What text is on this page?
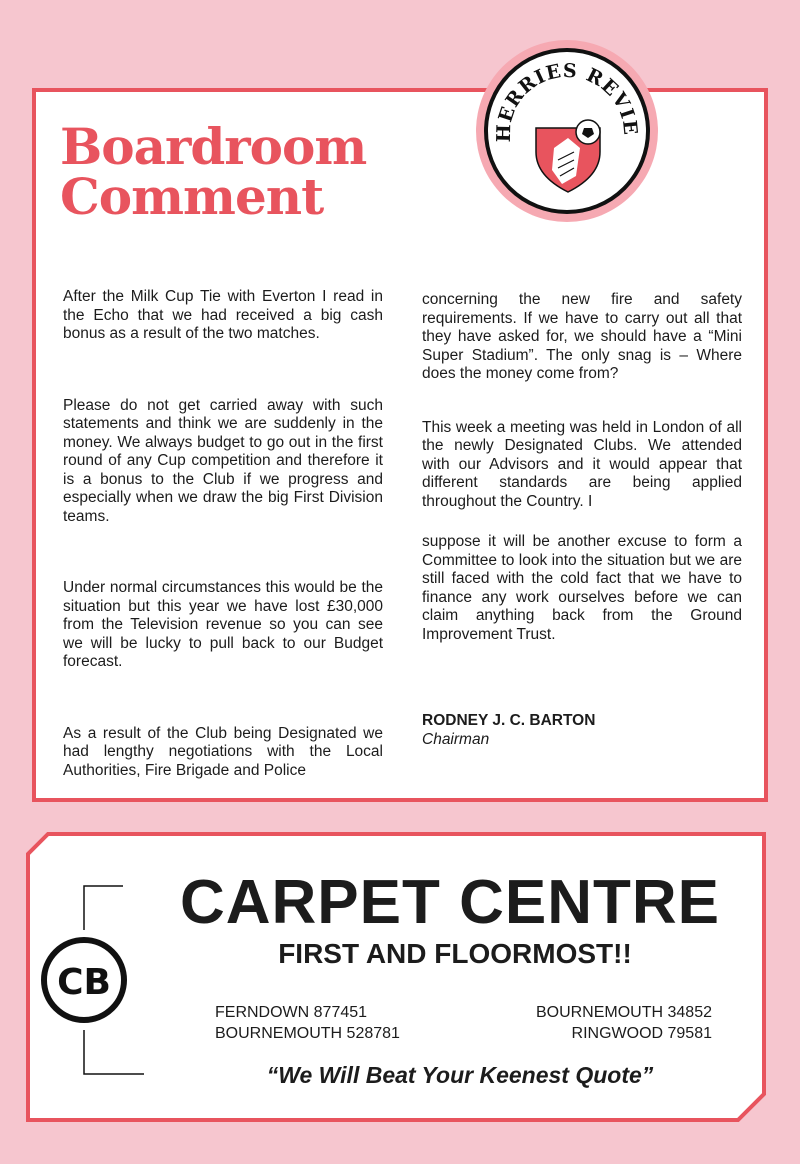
HERRIES REVIE
Boardroom
Comment

After the Milk Cup Tie with Everton I read in the Echo that we had received a big cash bonus as a result of the two matches.

Please do not get carried away with such statements and think we are suddenly in the money. We always budget to go out in the first round of any Cup competition and therefore it is a bonus to the Club if we progress and especially when we draw the big First Division teams.

Under normal circumstances this would be the situation but this year we have lost £30,000 from the Television revenue so you can see we will be lucky to pull back to our Budget forecast.

As a result of the Club being Designated we had lengthy negotiations with the Local Authorities, Fire Brigade and Police

concerning the new fire and safety requirements. If we have to carry out all that they have asked for, we should have a “Mini Super Stadium”. The only snag is – Where does the money come from?

This week a meeting was held in London of all the newly Designated Clubs. We attended with our Advisors and it would appear that different standards are being applied throughout the Country. I

suppose it will be another excuse to form a Committee to look into the situation but we are still faced with the cold fact that we have to finance any work ourselves before we can claim anything back from the Ground Improvement Trust.

RODNEY J. C. BARTON

Chairman

CB
CARPET CENTRE
FIRST AND FLOORMOST!!
FERNDOWN 877451
BOURNEMOUTH 528781
BOURNEMOUTH 34852
RINGWOOD 79581
“We Will Beat Your Keenest Quote”
